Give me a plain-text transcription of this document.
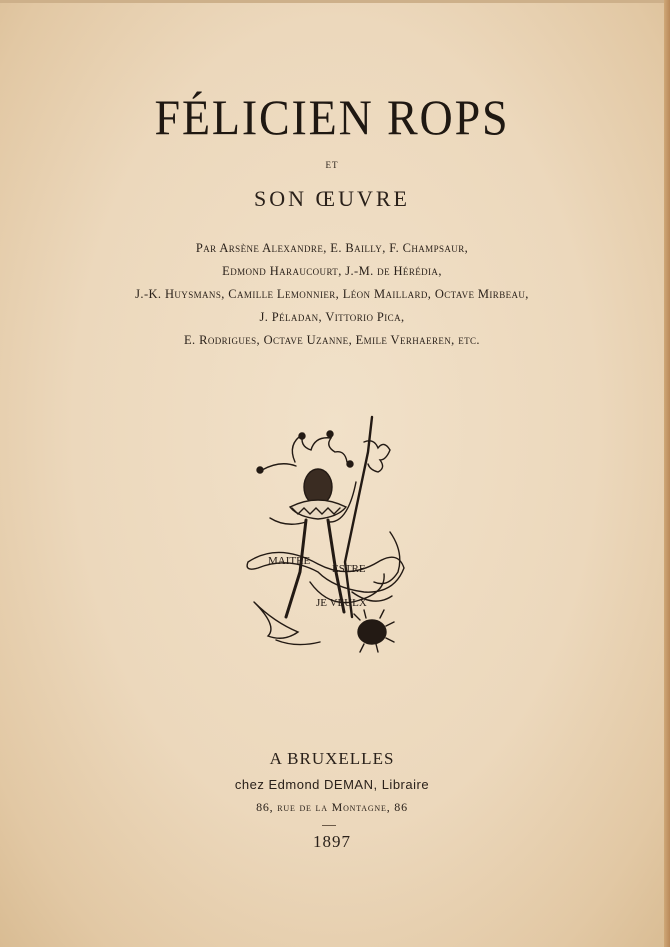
FÉLICIEN ROPS
ET
SON ŒUVRE
Par Arsène Alexandre, E. Bailly, F. Champsaur,
Edmond Haraucourt, J.-M. de Hérédia,
J.-K. Huysmans, Camille Lemonnier, Léon Maillard, Octave Mirbeau,
J. Péladan, Vittorio Pica,
E. Rodrigues, Octave Uzanne, Emile Verhaeren, etc.
MAITRE
ESTRE
JE VEULX
A BRUXELLES
chez Edmond DEMAN, Libraire
86, rue de la Montagne, 86
1897
